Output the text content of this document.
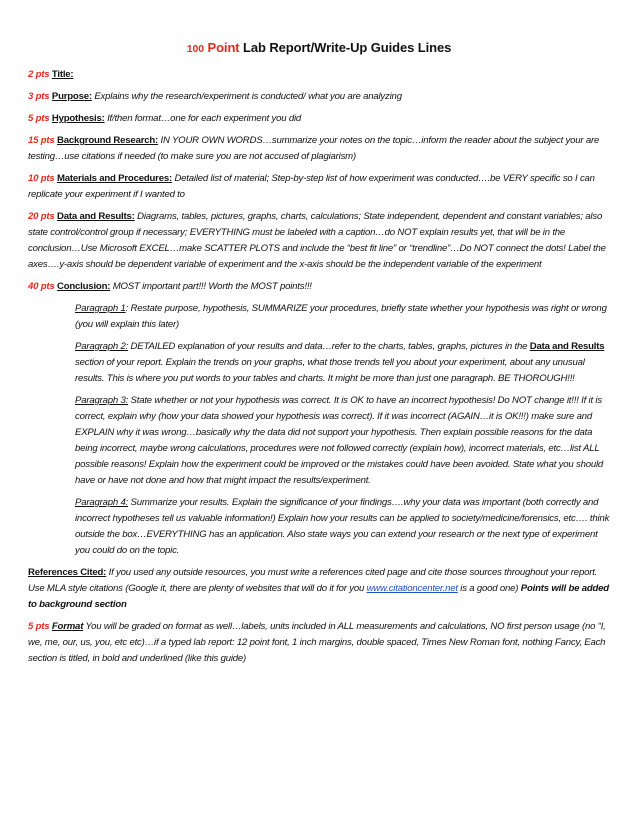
100 Point Lab Report/Write-Up Guides Lines

2 pts Title:

3 pts Purpose: Explains why the research/experiment is conducted/ what you are analyzing

5 pts Hypothesis: If/then format…one for each experiment you did

15 pts Background Research: IN YOUR OWN WORDS…summarize your notes on the topic…inform the reader about the subject your are testing…use citations if needed (to make sure you are not accused of plagiarism)

10 pts Materials and Procedures: Detailed list of material; Step-by-step list of how experiment was conducted….be VERY specific so I can replicate your experiment if I wanted to

20 pts Data and Results: Diagrams, tables, pictures, graphs, charts, calculations; State independent, dependent and constant variables; also state control/control group if necessary; EVERYTHING must be labeled with a caption…do NOT explain results yet, that will be in the conclusion…Use Microsoft EXCEL…make SCATTER PLOTS and include the “best fit line” or “trendline”…Do NOT connect the dots! Label the axes….y-axis should be dependent variable of experiment and the x-axis should be the independent variable of the experiment

40 pts Conclusion: MOST important part!!! Worth the MOST points!!!

Paragraph 1: Restate purpose, hypothesis, SUMMARIZE your procedures, briefly state whether your hypothesis was right or wrong (you will explain this later)

Paragraph 2: DETAILED explanation of your results and data…refer to the charts, tables, graphs, pictures in the Data and Results section of your report. Explain the trends on your graphs, what those trends tell you about your experiment, about any unusual results. This is where you put words to your tables and charts. It might be more than just one paragraph. BE THOROUGH!!!

Paragraph 3: State whether or not your hypothesis was correct. It is OK to have an incorrect hypothesis! Do NOT change it!!! If it is correct, explain why (how your data showed your hypothesis was correct). If it was incorrect (AGAIN…it is OK!!!) make sure and EXPLAIN why it was wrong…basically why the data did not support your hypothesis. Then explain possible reasons for the data being incorrect, maybe wrong calculations, procedures were not followed correctly (explain how), incorrect materials, etc…list ALL possible reasons! Explain how the experiment could be improved or the mistakes could have been avoided. State what you should have or have not done and how that might impact the results/experiment.

Paragraph 4: Summarize your results. Explain the significance of your findings….why your data was important (both correctly and incorrect hypotheses tell us valuable information!) Explain how your results can be applied to society/medicine/forensics, etc…. think outside the box…EVERYTHING has an application. Also state ways you can extend your research or the next type of experiment you could do on the topic.

References Cited: If you used any outside resources, you must write a references cited page and cite those sources throughout your report. Use MLA style citations (Google it, there are plenty of websites that will do it for you www.citationcenter.net is a good one) Points will be added to background section

5 pts Format You will be graded on format as well…labels, units included in ALL measurements and calculations, NO first person usage (no “I, we, me, our, us, you, etc etc)…if a typed lab report: 12 point font, 1 inch margins, double spaced, Times New Roman font, nothing Fancy, Each section is titled, in bold and underlined (like this guide)
